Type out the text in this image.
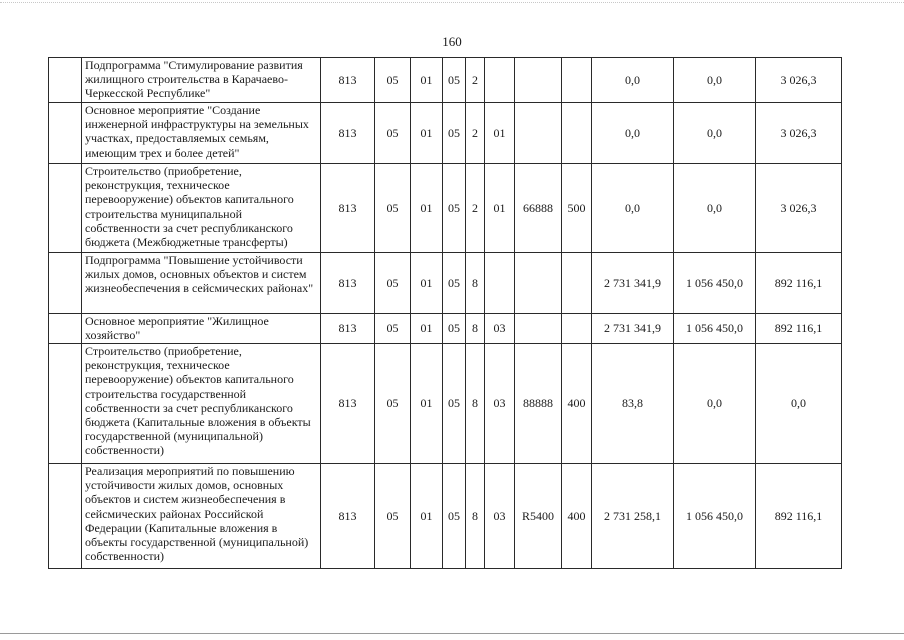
160
	Подпрограмма "Стимулирование развития жилищного строительства в Карачаево-Черкесской Республике"	813	05	01	05	2				0,0	0,0	3 026,3
	Основное мероприятие "Создание инженерной инфраструктуры на земельных участках, предоставляемых семьям, имеющим трех и более детей"	813	05	01	05	2	01			0,0	0,0	3 026,3
	Строительство (приобретение, реконструкция, техническое перевооружение) объектов капитального строительства муниципальной собственности за счет республиканского бюджета (Межбюджетные трансферты)	813	05	01	05	2	01	66888	500	0,0	0,0	3 026,3
	Подпрограмма "Повышение устойчивости жилых домов, основных объектов и систем жизнеобеспечения в сейсмических районах"	813	05	01	05	8				2 731 341,9	1 056 450,0	892 116,1
	Основное мероприятие "Жилищное хозяйство"	813	05	01	05	8	03			2 731 341,9	1 056 450,0	892 116,1
	Строительство (приобретение, реконструкция, техническое перевооружение) объектов капитального строительства государственной собственности за счет республиканского бюджета (Капитальные вложения в объекты государственной (муниципальной) собственности)	813	05	01	05	8	03	88888	400	83,8	0,0	0,0
	Реализация мероприятий по повышению устойчивости жилых домов, основных объектов и систем жизнеобеспечения в сейсмических районах Российской Федерации (Капитальные вложения в объекты государственной (муниципальной) собственности)	813	05	01	05	8	03	R5400	400	2 731 258,1	1 056 450,0	892 116,1
